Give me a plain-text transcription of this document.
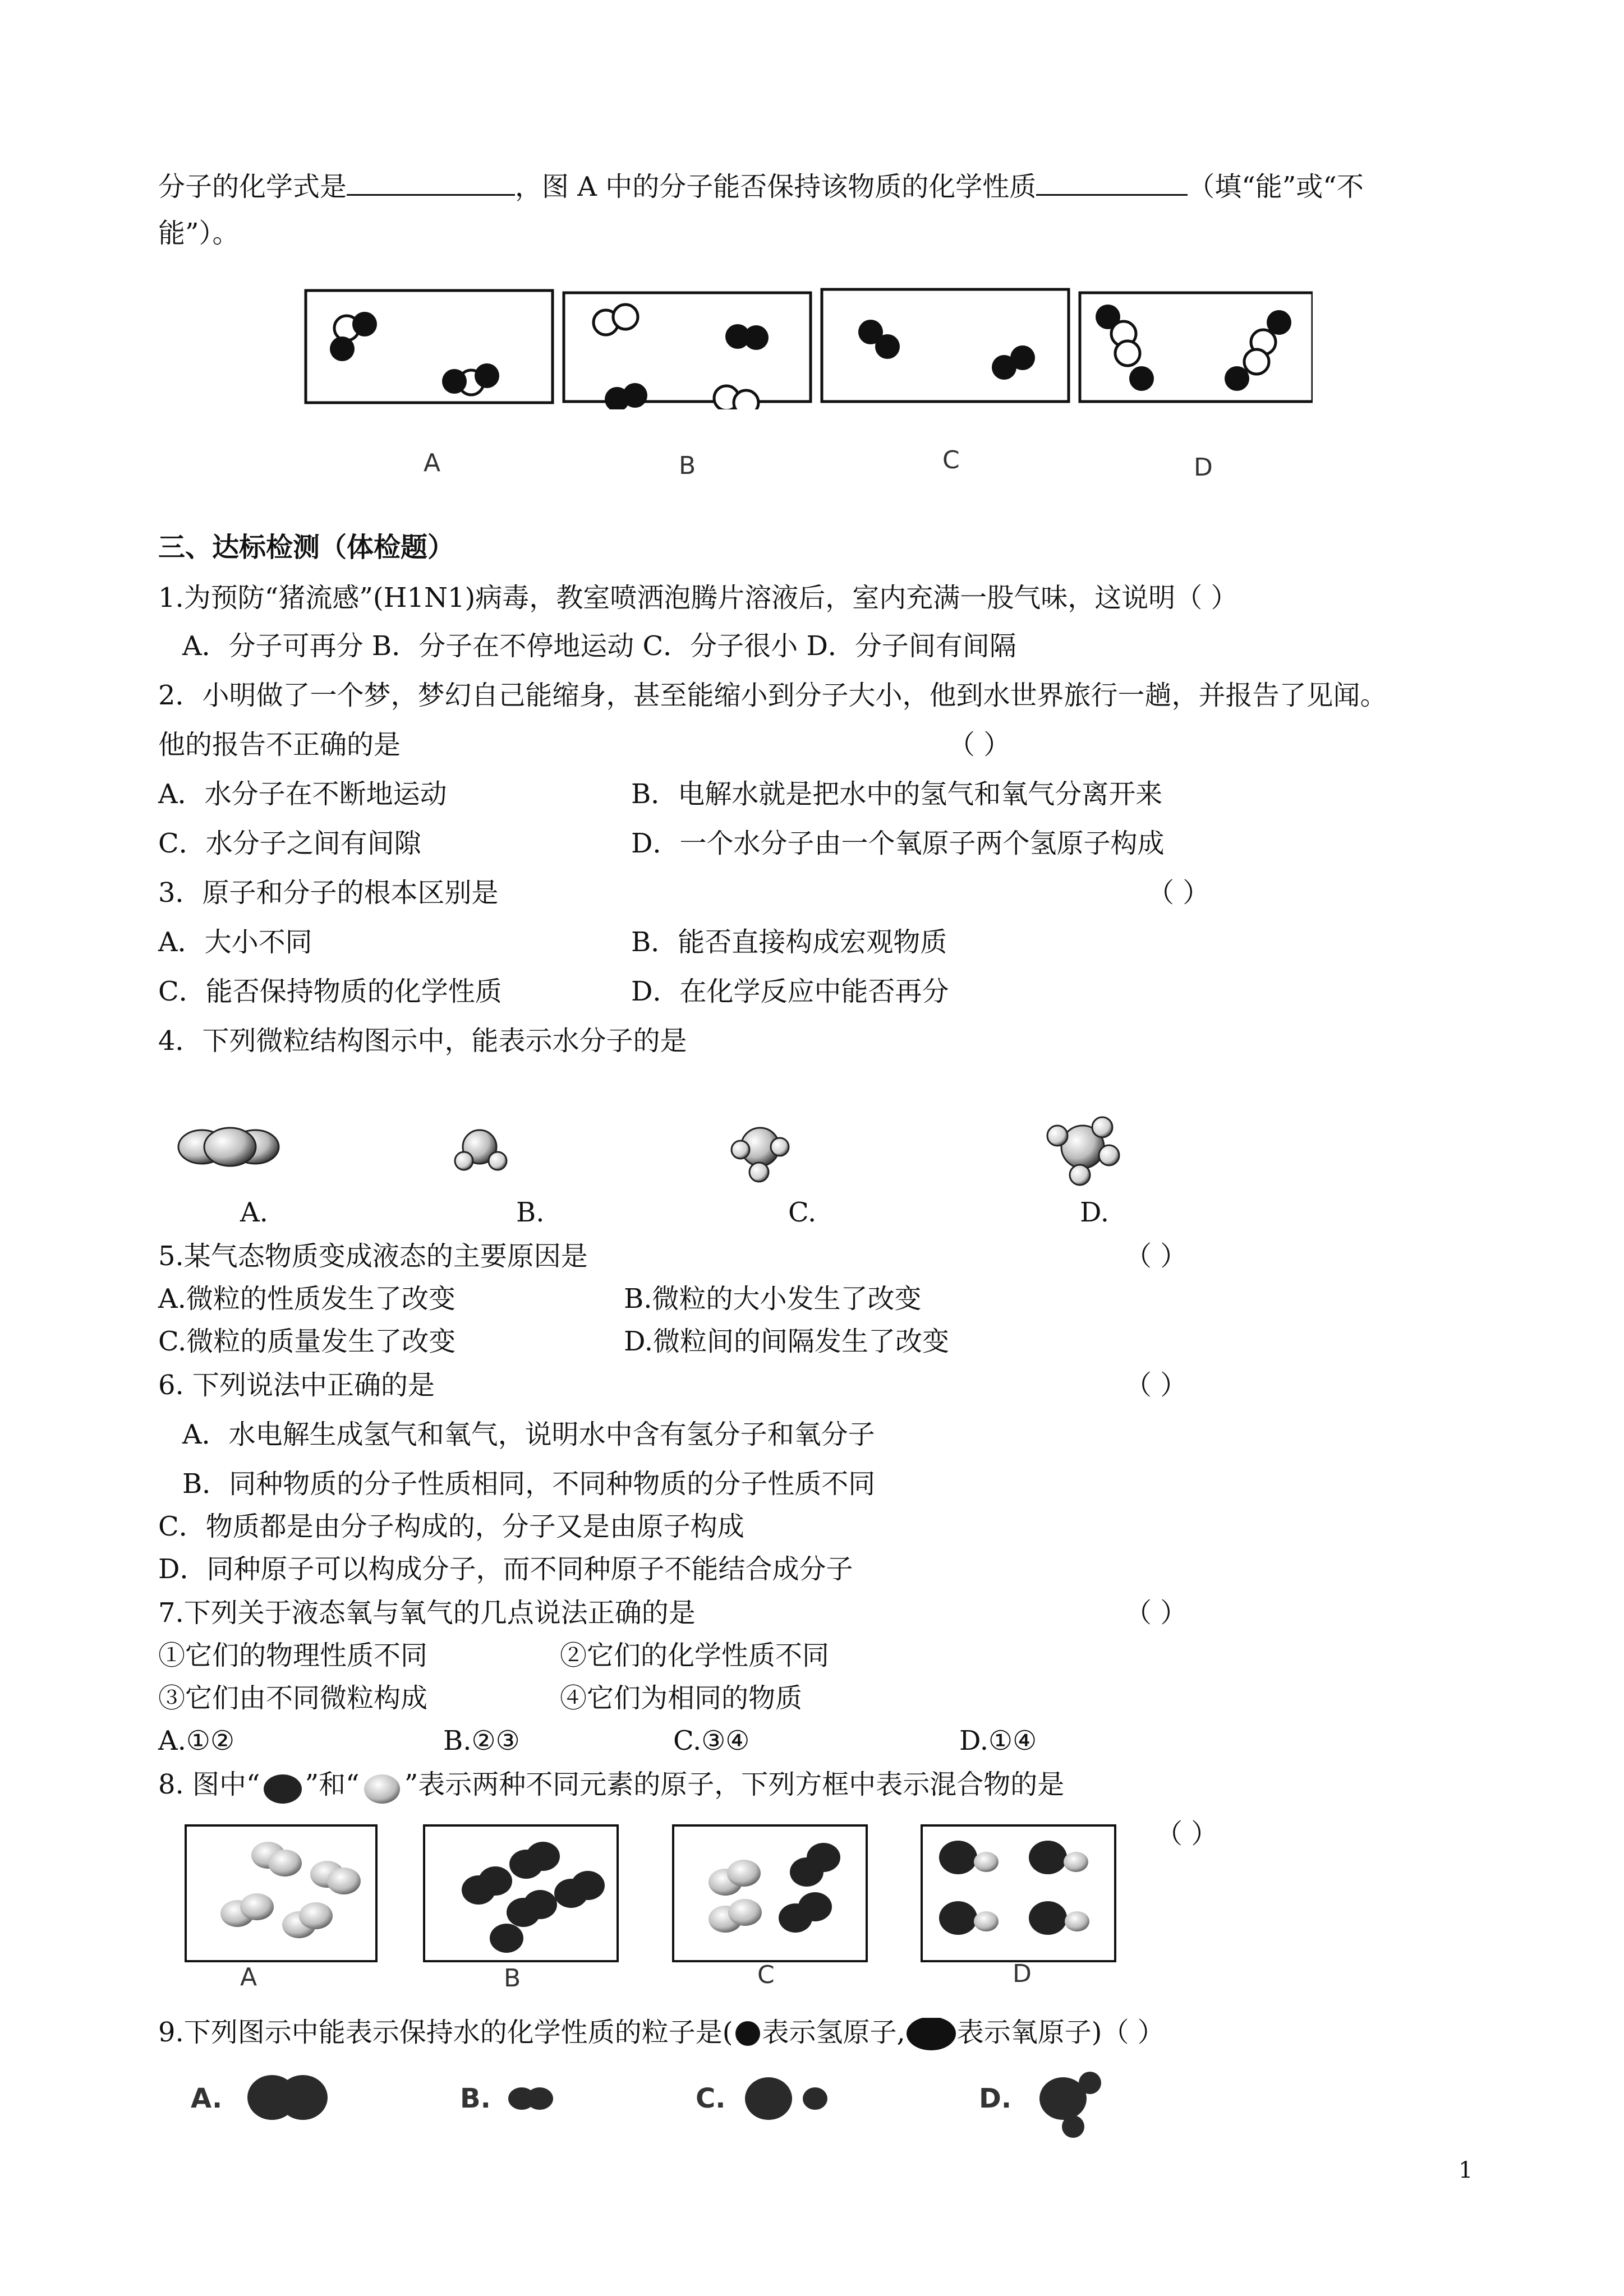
分子的化学式是	，图 A 中的分子能否保持该物质的化学性质	（填“能”或“不
能”）。
A	B	C	D
三、达标检测（体检题）
1.为预防“猪流感”(H1N1)病毒，教室喷洒泡腾片溶液后，室内充满一股气味，这说明（ ）
A．分子可再分 B．分子在不停地运动 C．分子很小 D．分子间有间隔
2．小明做了一个梦，梦幻自己能缩身，甚至能缩小到分子大小，他到水世界旅行一趟，并报告了见闻。
他的报告不正确的是	（ ）
A．水分子在不断地运动	B．电解水就是把水中的氢气和氧气分离开来
C．水分子之间有间隙	D．一个水分子由一个氧原子两个氢原子构成
3．原子和分子的根本区别是	（ ）
A．大小不同	B．能否直接构成宏观物质
C．能否保持物质的化学性质	D．在化学反应中能否再分
4．下列微粒结构图示中，能表示水分子的是
A.	B.	C.	D.
5.某气态物质变成液态的主要原因是	（ ）
A.微粒的性质发生了改变	B.微粒的大小发生了改变
C.微粒的质量发生了改变	D.微粒间的间隔发生了改变
6. 下列说法中正确的是	（ ）
A．水电解生成氢气和氧气，说明水中含有氢分子和氧分子
B．同种物质的分子性质相同，不同种物质的分子性质不同
C．物质都是由分子构成的，分子又是由原子构成
D．同种原子可以构成分子，而不同种原子不能结合成分子
7.下列关于液态氧与氧气的几点说法正确的是	（ ）
①它们的物理性质不同	②它们的化学性质不同
③它们由不同微粒构成	④它们为相同的物质
A.①②	B.②③	C.③④	D.①④
8. 图中“ ”和“ ”表示两种不同元素的原子，下列方框中表示混合物的是
（ ）
A	B	C	D
9.下列图示中能表示保持水的化学性质的粒子是( 表示氢原子, 表示氧原子)（ ）
A.	B.	C.	D.
1
